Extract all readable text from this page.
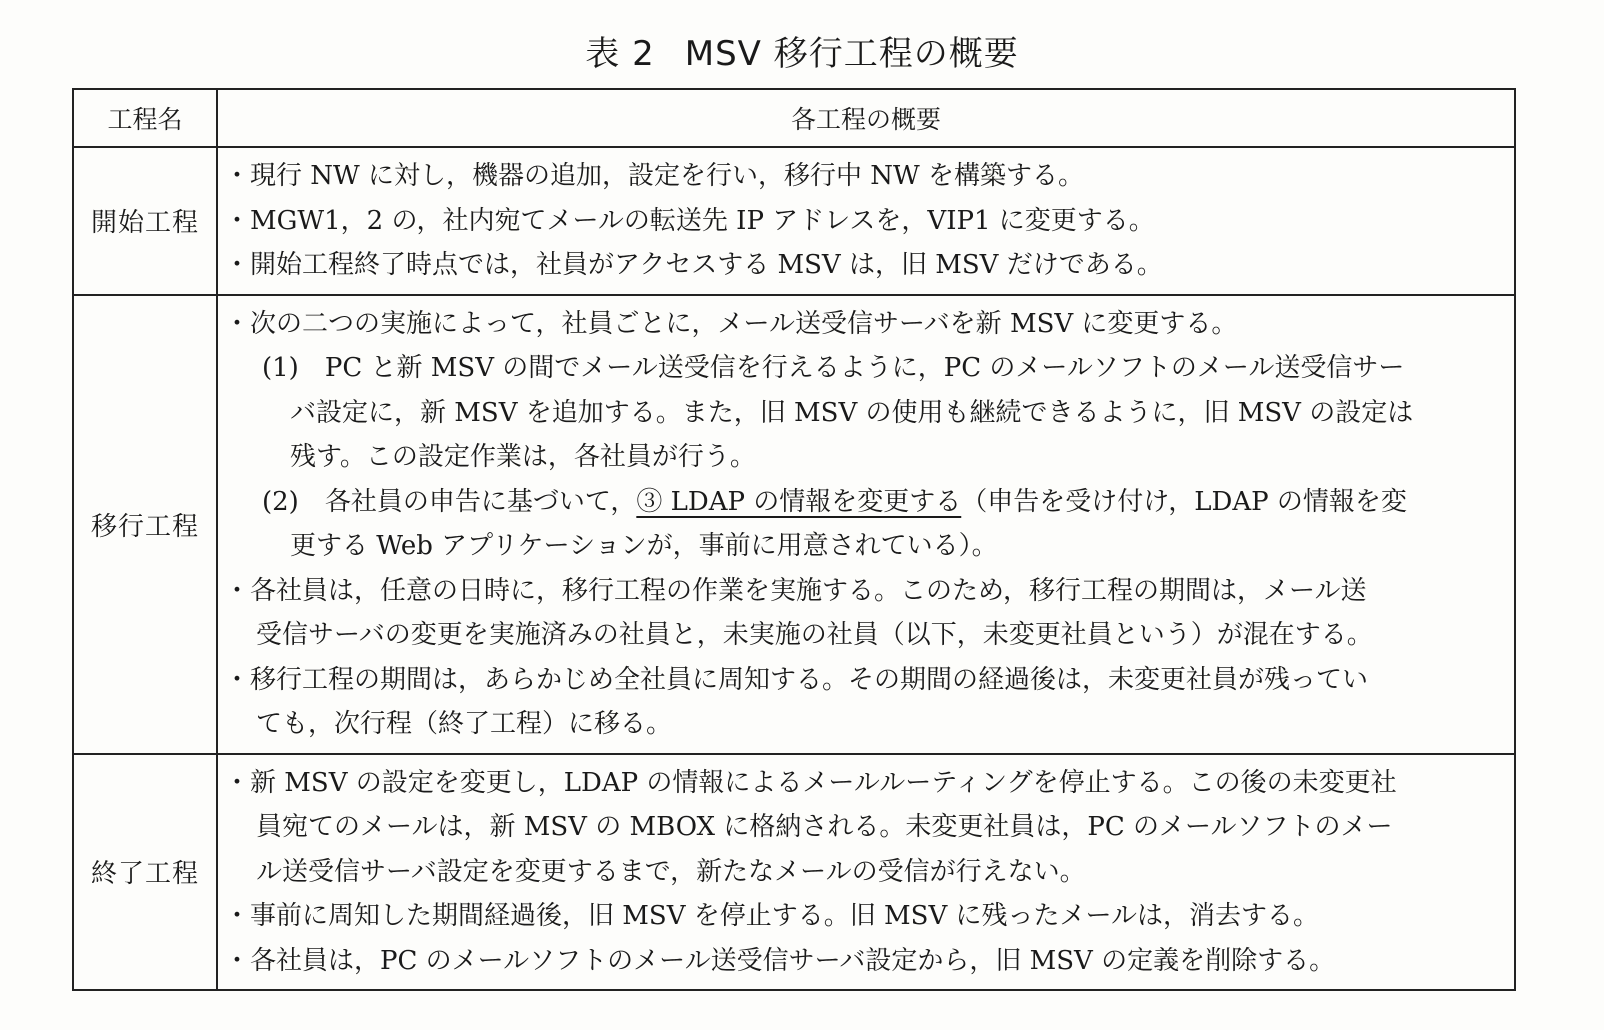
表 2 MSV 移行工程の概要
工程名	各工程の概要
開始工程	・ 現行 NW に対し，機器の追加，設定を行い，移行中 NW を構築する。
・ MGW1，2 の，社内宛てメールの転送先 IP アドレスを，VIP1 に変更する。
・ 開始工程終了時点では，社員がアクセスする MSV は，旧 MSV だけである。

移行工程	
・ 次の二つの実施によって，社員ごとに，メール送受信サーバを新 MSV に変更する。
(1) PC と新 MSV の間でメール送受信を行えるように，PC のメールソフトのメール送受信サー
バ設定に，新 MSV を追加する。また，旧 MSV の使用も継続できるように，旧 MSV の設定は
残す。この設定作業は，各社員が行う。
(2) 各社員の申告に基づいて，③ LDAP の情報を変更する（申告を受け付け，LDAP の情報を変
更する Web アプリケーションが，事前に用意されている）。
・ 各社員は，任意の日時に，移行工程の作業を実施する。このため，移行工程の期間は，メール送
受信サーバの変更を実施済みの社員と，未実施の社員（以下，未変更社員という）が混在する。
・ 移行工程の期間は，あらかじめ全社員に周知する。その期間の経過後は，未変更社員が残ってい
ても，次行程（終了工程）に移る。

終了工程	・ 新 MSV の設定を変更し，LDAP の情報によるメールルーティングを停止する。この後の未変更社
員宛てのメールは，新 MSV の MBOX に格納される。未変更社員は，PC のメールソフトのメー
ル送受信サーバ設定を変更するまで，新たなメールの受信が行えない。
・ 事前に周知した期間経過後，旧 MSV を停止する。旧 MSV に残ったメールは，消去する。
・ 各社員は，PC のメールソフトのメール送受信サーバ設定から，旧 MSV の定義を削除する。
